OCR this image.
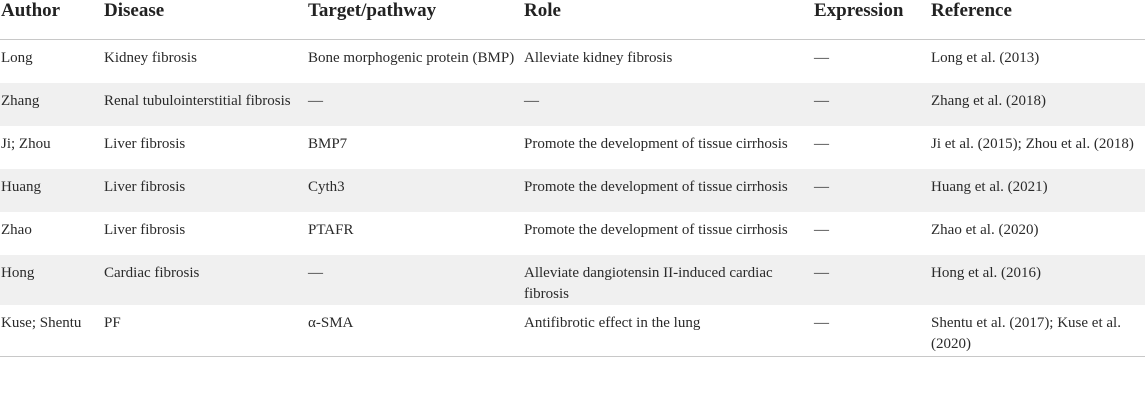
Author	Disease	Target/pathway	Role	Expression	Reference
Long	Kidney fibrosis	Bone morphogenic protein (BMP)	Alleviate kidney fibrosis	—	Long et al. (2013)
Zhang	Renal tubulointerstitial fibrosis	—	—	—	Zhang et al. (2018)
Ji; Zhou	Liver fibrosis	BMP7	Promote the development of tissue cirrhosis	—	Ji et al. (2015); Zhou et al. (2018)
Huang	Liver fibrosis	Cyth3	Promote the development of tissue cirrhosis	—	Huang et al. (2021)
Zhao	Liver fibrosis	PTAFR	Promote the development of tissue cirrhosis	—	Zhao et al. (2020)
Hong	Cardiac fibrosis	—	Alleviate dangiotensin II-induced cardiac fibrosis	—	Hong et al. (2016)
Kuse; Shentu	PF	α-SMA	Antifibrotic effect in the lung	—	Shentu et al. (2017); Kuse et al. (2020)
